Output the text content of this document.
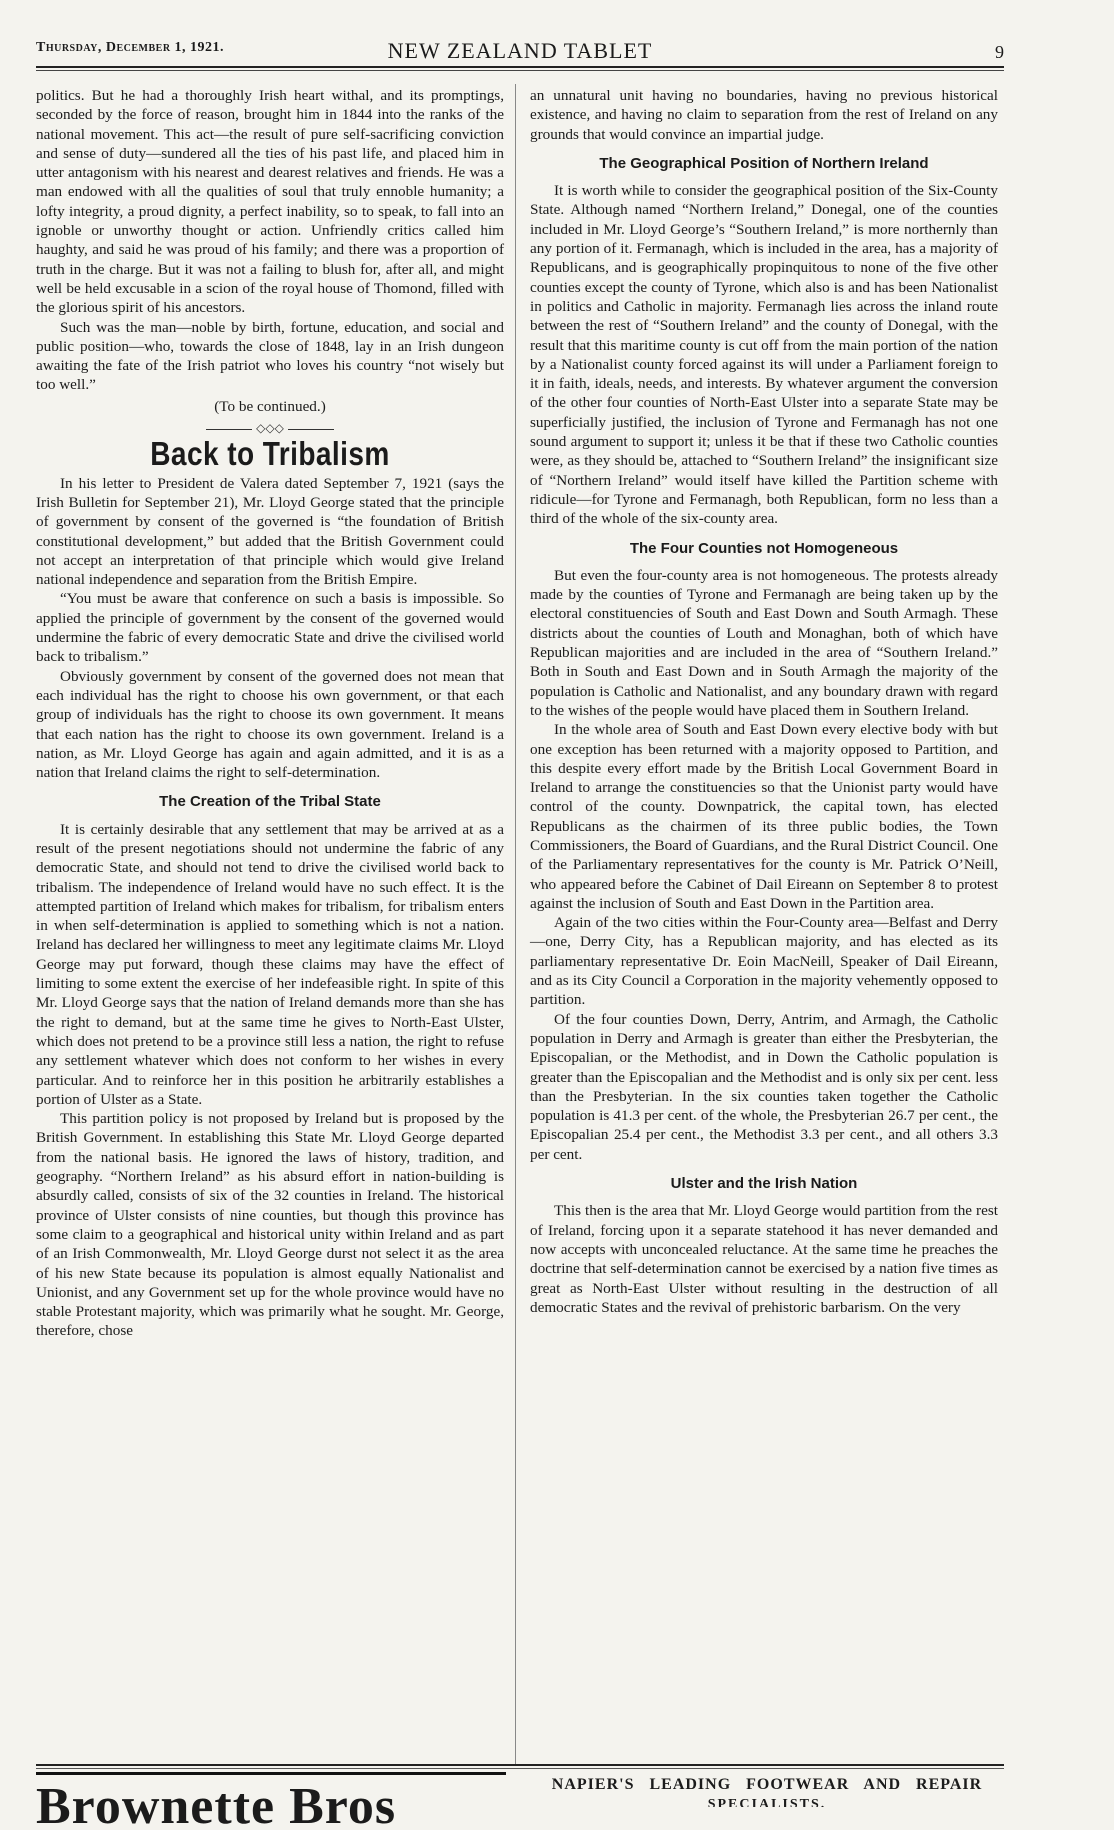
Thursday, December 1, 1921.	NEW ZEALAND TABLET	9

politics. But he had a thoroughly Irish heart withal, and its promptings, seconded by the force of reason, brought him in 1844 into the ranks of the national movement. This act—the result of pure self-sacrificing conviction and sense of duty—sundered all the ties of his past life, and placed him in utter antagonism with his nearest and dearest relatives and friends. He was a man endowed with all the qualities of soul that truly ennoble humanity; a lofty integrity, a proud dignity, a perfect inability, so to speak, to fall into an ignoble or unworthy thought or action. Unfriendly critics called him haughty, and said he was proud of his family; and there was a proportion of truth in the charge. But it was not a failing to blush for, after all, and might well be held excusable in a scion of the royal house of Thomond, filled with the glorious spirit of his ancestors.

Such was the man—noble by birth, fortune, education, and social and public position—who, towards the close of 1848, lay in an Irish dungeon awaiting the fate of the Irish patriot who loves his country “not wisely but too well.”

(To be continued.)

◇◇◇
Back to Tribalism

In his letter to President de Valera dated September 7, 1921 (says the Irish Bulletin for September 21), Mr. Lloyd George stated that the principle of government by consent of the governed is “the foundation of British constitutional development,” but added that the British Government could not accept an interpretation of that principle which would give Ireland national independence and separation from the British Empire.

“You must be aware that conference on such a basis is impossible. So applied the principle of government by the consent of the governed would undermine the fabric of every democratic State and drive the civilised world back to tribalism.”

Obviously government by consent of the governed does not mean that each individual has the right to choose his own government, or that each group of individuals has the right to choose its own government. It means that each nation has the right to choose its own government. Ireland is a nation, as Mr. Lloyd George has again and again admitted, and it is as a nation that Ireland claims the right to self-determination.

The Creation of the Tribal State

It is certainly desirable that any settlement that may be arrived at as a result of the present negotiations should not undermine the fabric of any democratic State, and should not tend to drive the civilised world back to tribalism. The independence of Ireland would have no such effect. It is the attempted partition of Ireland which makes for tribalism, for tribalism enters in when self-determination is applied to something which is not a nation. Ireland has declared her willingness to meet any legitimate claims Mr. Lloyd George may put forward, though these claims may have the effect of limiting to some extent the exercise of her indefeasible right. In spite of this Mr. Lloyd George says that the nation of Ireland demands more than she has the right to demand, but at the same time he gives to North-East Ulster, which does not pretend to be a province still less a nation, the right to refuse any settlement whatever which does not conform to her wishes in every particular. And to reinforce her in this position he arbitrarily establishes a portion of Ulster as a State.

This partition policy is not proposed by Ireland but is proposed by the British Government. In establishing this State Mr. Lloyd George departed from the national basis. He ignored the laws of history, tradition, and geography. “Northern Ireland” as his absurd effort in nation-building is absurdly called, consists of six of the 32 counties in Ireland. The historical province of Ulster consists of nine counties, but though this province has some claim to a geographical and historical unity within Ireland and as part of an Irish Commonwealth, Mr. Lloyd George durst not select it as the area of his new State because its population is almost equally Nationalist and Unionist, and any Government set up for the whole province would have no stable Protestant majority, which was primarily what he sought. Mr. George, therefore, chose

an unnatural unit having no boundaries, having no previous historical existence, and having no claim to separation from the rest of Ireland on any grounds that would convince an impartial judge.

The Geographical Position of Northern Ireland

It is worth while to consider the geographical position of the Six-County State. Although named “Northern Ireland,” Donegal, one of the counties included in Mr. Lloyd George’s “Southern Ireland,” is more northernly than any portion of it. Fermanagh, which is included in the area, has a majority of Republicans, and is geographically propinquitous to none of the five other counties except the county of Tyrone, which also is and has been Nationalist in politics and Catholic in majority. Fermanagh lies across the inland route between the rest of “Southern Ireland” and the county of Donegal, with the result that this maritime county is cut off from the main portion of the nation by a Nationalist county forced against its will under a Parliament foreign to it in faith, ideals, needs, and interests. By whatever argument the conversion of the other four counties of North-East Ulster into a separate State may be superficially justified, the inclusion of Tyrone and Fermanagh has not one sound argument to support it; unless it be that if these two Catholic counties were, as they should be, attached to “Southern Ireland” the insignificant size of “Northern Ireland” would itself have killed the Partition scheme with ridicule—for Tyrone and Fermanagh, both Republican, form no less than a third of the whole of the six-county area.

The Four Counties not Homogeneous

But even the four-county area is not homogeneous. The protests already made by the counties of Tyrone and Fermanagh are being taken up by the electoral constituencies of South and East Down and South Armagh. These districts about the counties of Louth and Monaghan, both of which have Republican majorities and are included in the area of “Southern Ireland.” Both in South and East Down and in South Armagh the majority of the population is Catholic and Nationalist, and any boundary drawn with regard to the wishes of the people would have placed them in Southern Ireland.

In the whole area of South and East Down every elective body with but one exception has been returned with a majority opposed to Partition, and this despite every effort made by the British Local Government Board in Ireland to arrange the constituencies so that the Unionist party would have control of the county. Downpatrick, the capital town, has elected Republicans as the chairmen of its three public bodies, the Town Commissioners, the Board of Guardians, and the Rural District Council. One of the Parliamentary representatives for the county is Mr. Patrick O’Neill, who appeared before the Cabinet of Dail Eireann on September 8 to protest against the inclusion of South and East Down in the Partition area.

Again of the two cities within the Four-County area—Belfast and Derry—one, Derry City, has a Republican majority, and has elected as its parliamentary representative Dr. Eoin MacNeill, Speaker of Dail Eireann, and as its City Council a Corporation in the majority vehemently opposed to partition.

Of the four counties Down, Derry, Antrim, and Armagh, the Catholic population in Derry and Armagh is greater than either the Presbyterian, the Episcopalian, or the Methodist, and in Down the Catholic population is greater than the Episcopalian and the Methodist and is only six per cent. less than the Presbyterian. In the six counties taken together the Catholic population is 41.3 per cent. of the whole, the Presbyterian 26.7 per cent., the Episcopalian 25.4 per cent., the Methodist 3.3 per cent., and all others 3.3 per cent.

Ulster and the Irish Nation

This then is the area that Mr. Lloyd George would partition from the rest of Ireland, forcing upon it a separate statehood it has never demanded and now accepts with unconcealed reluctance. At the same time he preaches the doctrine that self-determination cannot be exercised by a nation five times as great as North-East Ulster without resulting in the destruction of all democratic States and the revival of prehistoric barbarism. On the very

Brownette Bros	NAPIER'S LEADING FOOTWEAR AND REPAIR
SPECIALISTS.
